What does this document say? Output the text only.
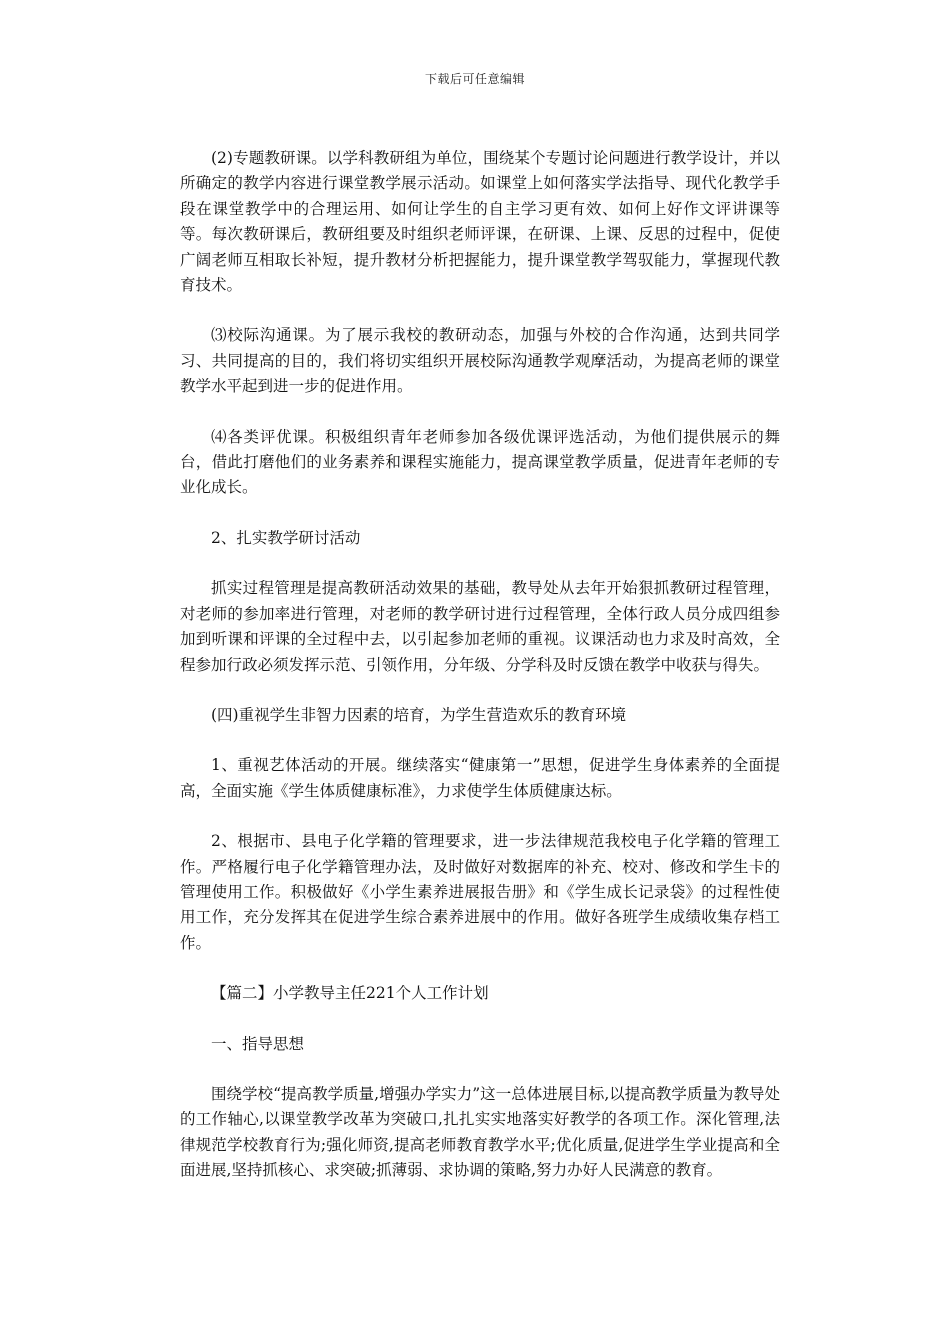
下载后可任意编辑

(2)专题教研课。以学科教研组为单位，围绕某个专题讨论问题进行教学设计，并以所确定的教学内容进行课堂教学展示活动。如课堂上如何落实学法指导、现代化教学手段在课堂教学中的合理运用、如何让学生的自主学习更有效、如何上好作文评讲课等等。每次教研课后，教研组要及时组织老师评课，在研课、上课、反思的过程中，促使广阔老师互相取长补短，提升教材分析把握能力，提升课堂教学驾驭能力，掌握现代教育技术。

⑶校际沟通课。为了展示我校的教研动态，加强与外校的合作沟通，达到共同学习、共同提高的目的，我们将切实组织开展校际沟通教学观摩活动，为提高老师的课堂教学水平起到进一步的促进作用。

⑷各类评优课。积极组织青年老师参加各级优课评选活动，为他们提供展示的舞台，借此打磨他们的业务素养和课程实施能力，提高课堂教学质量，促进青年老师的专业化成长。

2、扎实教学研讨活动

抓实过程管理是提高教研活动效果的基础，教导处从去年开始狠抓教研过程管理，对老师的参加率进行管理，对老师的教学研讨进行过程管理，全体行政人员分成四组参加到听课和评课的全过程中去，以引起参加老师的重视。议课活动也力求及时高效，全程参加行政必须发挥示范、引领作用，分年级、分学科及时反馈在教学中收获与得失。

(四)重视学生非智力因素的培育，为学生营造欢乐的教育环境

1、重视艺体活动的开展。继续落实“健康第一”思想，促进学生身体素养的全面提高，全面实施《学生体质健康标准》，力求使学生体质健康达标。

2、根据市、县电子化学籍的管理要求，进一步法律规范我校电子化学籍的管理工作。严格履行电子化学籍管理办法，及时做好对数据库的补充、校对、修改和学生卡的管理使用工作。积极做好《小学生素养进展报告册》和《学生成长记录袋》的过程性使用工作，充分发挥其在促进学生综合素养进展中的作用。做好各班学生成绩收集存档工作。

【篇二】小学教导主任221个人工作计划

一、指导思想

围绕学校“提高教学质量,增强办学实力”这一总体进展目标,以提高教学质量为教导处的工作轴心,以课堂教学改革为突破口,扎扎实实地落实好教学的各项工作。深化管理,法律规范学校教育行为;强化师资,提高老师教育教学水平;优化质量,促进学生学业提高和全面进展,坚持抓核心、求突破;抓薄弱、求协调的策略,努力办好人民满意的教育。
